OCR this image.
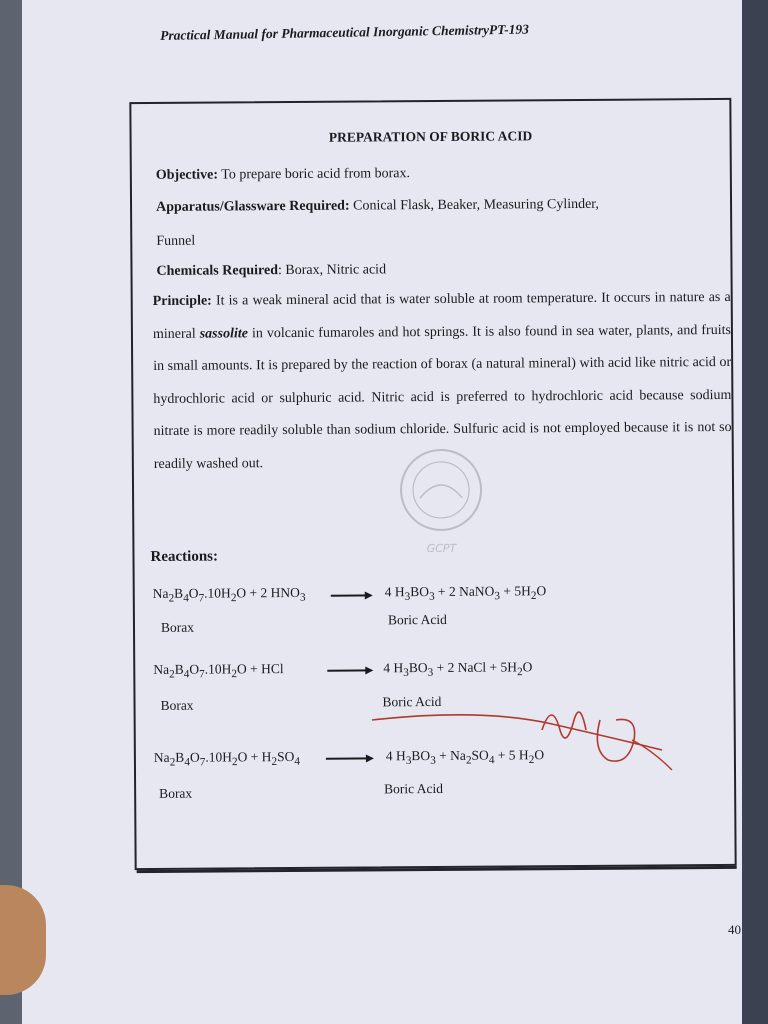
Practical Manual for Pharmaceutical Inorganic ChemistryPT-193
PREPARATION OF BORIC ACID
Objective: To prepare boric acid from borax.
Apparatus/Glassware Required: Conical Flask, Beaker, Measuring Cylinder,
Funnel
Chemicals Required: Borax, Nitric acid
Principle: It is a weak mineral acid that is water soluble at room temperature. It occurs in nature as a mineral sassolite in volcanic fumaroles and hot springs. It is also found in sea water, plants, and fruits in small amounts. It is prepared by the reaction of borax (a natural mineral) with acid like nitric acid or hydrochloric acid or sulphuric acid. Nitric acid is preferred to hydrochloric acid because sodium nitrate is more readily soluble than sodium chloride. Sulfuric acid is not employed because it is not so readily washed out.
GCPT
Reactions:
$Na_2B_4O_7.10H_2O + 2$ $HNO_3$	4 $H_3BO_3 + 2$ NaNO$_3$ + $5H_2O$
Borax	Boric Acid
$Na_2B_4O_7.10H_2O$ + HCl	4 $H_3BO_3 + 2$ NaCl + $5H_2O$
Borax	Boric Acid
$Na_2B_4O_7.10H_2O + H_2SO_4$	4 $H_3BO_3 + Na_2SO_4 + 5$ $H_2O$
Borax	Boric Acid
40
